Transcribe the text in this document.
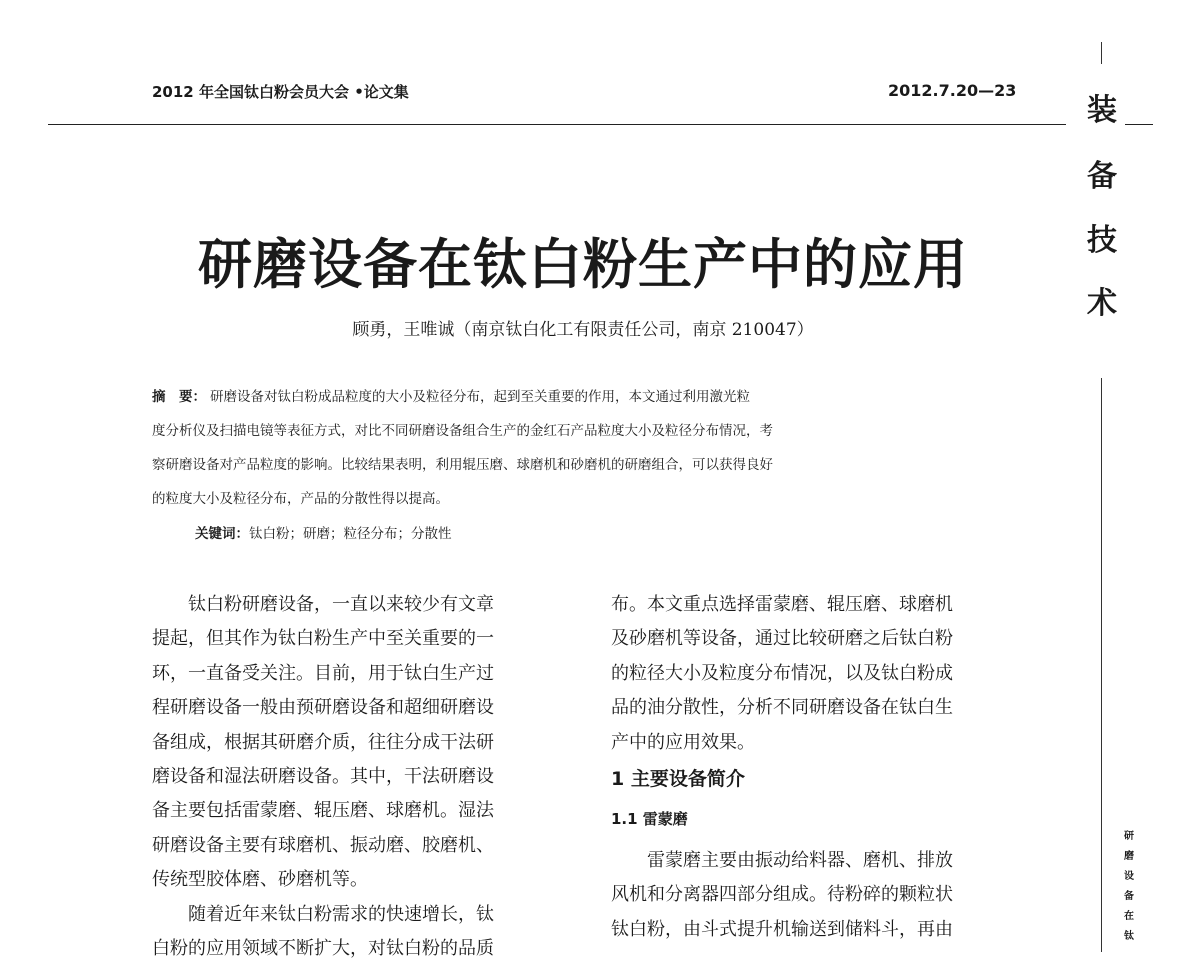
2012 年全国钛白粉会员大会 •论文集	2012.7.20—23
装
备
技
术
研
磨
设
备
在
钛
研磨设备在钛白粉生产中的应用
顾勇，王唯诚（南京钛白化工有限责任公司，南京 210047）
摘　要： 研磨设备对钛白粉成品粒度的大小及粒径分布，起到至关重要的作用，本文通过利用激光粒
度分析仪及扫描电镜等表征方式，对比不同研磨设备组合生产的金红石产品粒度大小及粒径分布情况，考
察研磨设备对产品粒度的影响。比较结果表明，利用辊压磨、球磨机和砂磨机的研磨组合，可以获得良好
的粒度大小及粒径分布，产品的分散性得以提高。
关键词：钛白粉；研磨；粒径分布；分散性

　　钛白粉研磨设备，一直以来较少有文章

提起，但其作为钛白粉生产中至关重要的一

环，一直备受关注。目前，用于钛白生产过

程研磨设备一般由预研磨设备和超细研磨设

备组成，根据其研磨介质，往往分成干法研

磨设备和湿法研磨设备。其中，干法研磨设

备主要包括雷蒙磨、辊压磨、球磨机。湿法

研磨设备主要有球磨机、振动磨、胶磨机、

传统型胶体磨、砂磨机等。

　　随着近年来钛白粉需求的快速增长，钛

白粉的应用领域不断扩大，对钛白粉的品质

布。本文重点选择雷蒙磨、辊压磨、球磨机

及砂磨机等设备，通过比较研磨之后钛白粉

的粒径大小及粒度分布情况，以及钛白粉成

品的油分散性，分析不同研磨设备在钛白生

产中的应用效果。

1 主要设备简介
1.1 雷蒙磨

　　雷蒙磨主要由振动给料器、磨机、排放

风机和分离器四部分组成。待粉碎的颗粒状

钛白粉，由斗式提升机输送到储料斗，再由
